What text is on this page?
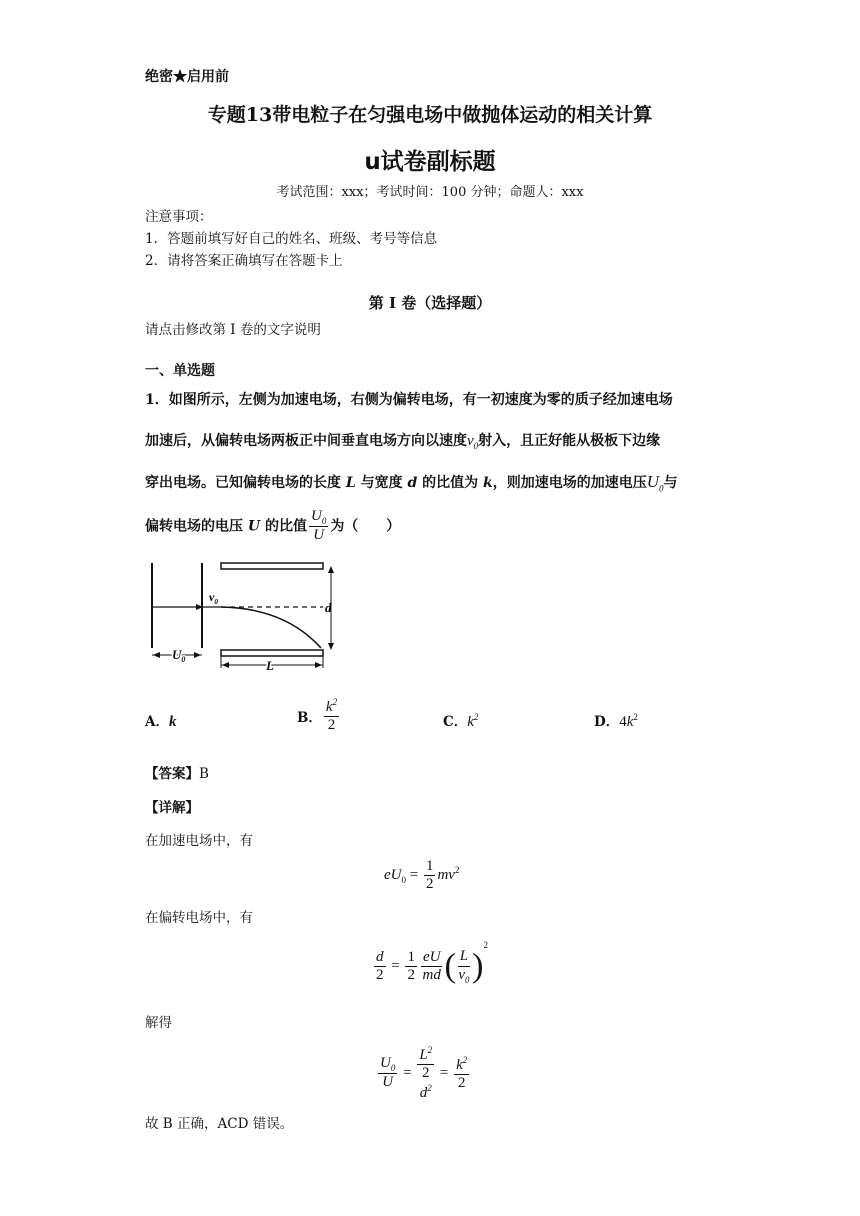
绝密★启用前
专题13带电粒子在匀强电场中做抛体运动的相关计算
u试卷副标题
考试范围：xxx；考试时间：100 分钟；命题人：xxx
注意事项：
1．答题前填写好自己的姓名、班级、考号等信息
2．请将答案正确填写在答题卡上
第 I 卷（选择题）
请点击修改第 I 卷的文字说明
一、单选题
1．如图所示，左侧为加速电场，右侧为偏转电场，有一初速度为零的质子经加速电场
加速后，从偏转电场两板正中间垂直电场方向以速度$v_0$射入，且正好能从极板下边缘
穿出电场。已知偏转电场的长度 L 与宽度 d 的比值为 k，则加速电场的加速电压$U_0$与
偏转电场的电压 U 的比值 $\frac{U_0}{U}$ 为（　　）
$v_0$	d
$U_0$	L
A．k	B． $\frac{k^2}{2}$	C．$k^2$	D．$4k^2$
【答案】B
【详解】
在加速电场中，有
$eU_0 = \frac{1}{2} mv^2$
在偏转电场中，有
$\frac{d}{2} = \frac{1}{2} \frac{eU}{md}$ ( $\frac{L}{v_0} )^2$
解得
$\frac{U_0}{U} = L^2$
2
$d^2 = \frac{k^2}{2}$
故 B 正确，ACD 错误。
